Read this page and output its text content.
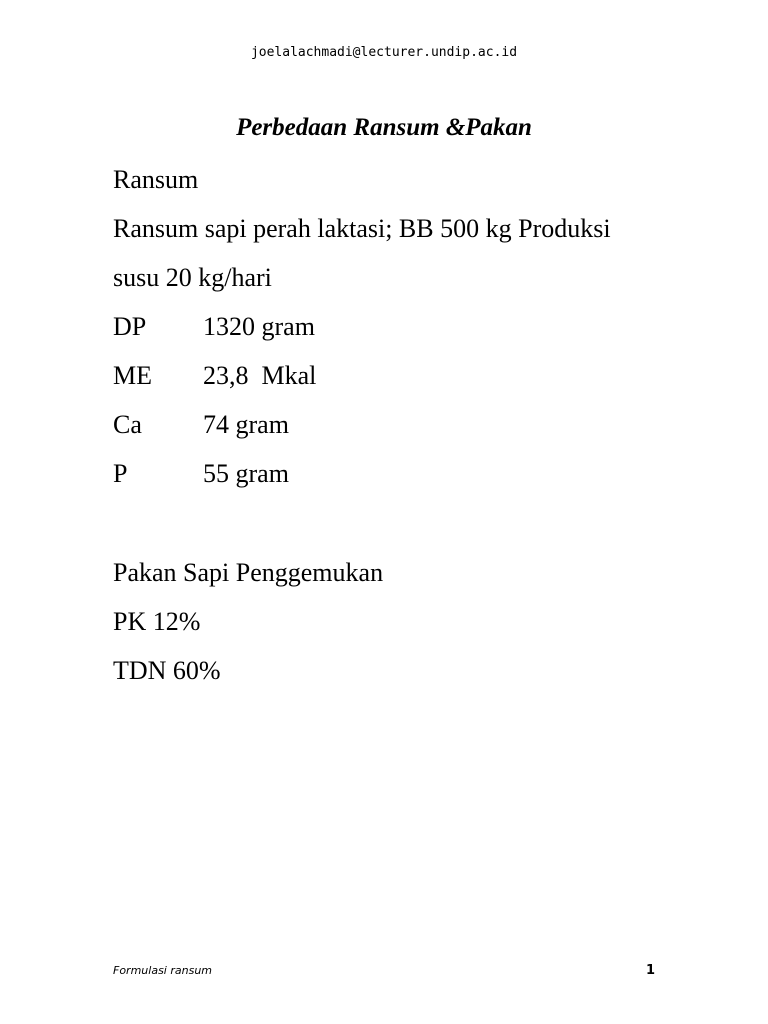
joelalachmadi@lecturer.undip.ac.id
Perbedaan Ransum &Pakan
Ransum
Ransum sapi perah laktasi; BB 500 kg Produksi
susu 20 kg/hari
DP 1320 gram
ME 23,8  Mkal
Ca 74 gram
P	55 gram
Pakan Sapi Penggemukan
PK 12%
TDN 60%
Formulasi ransum	1
